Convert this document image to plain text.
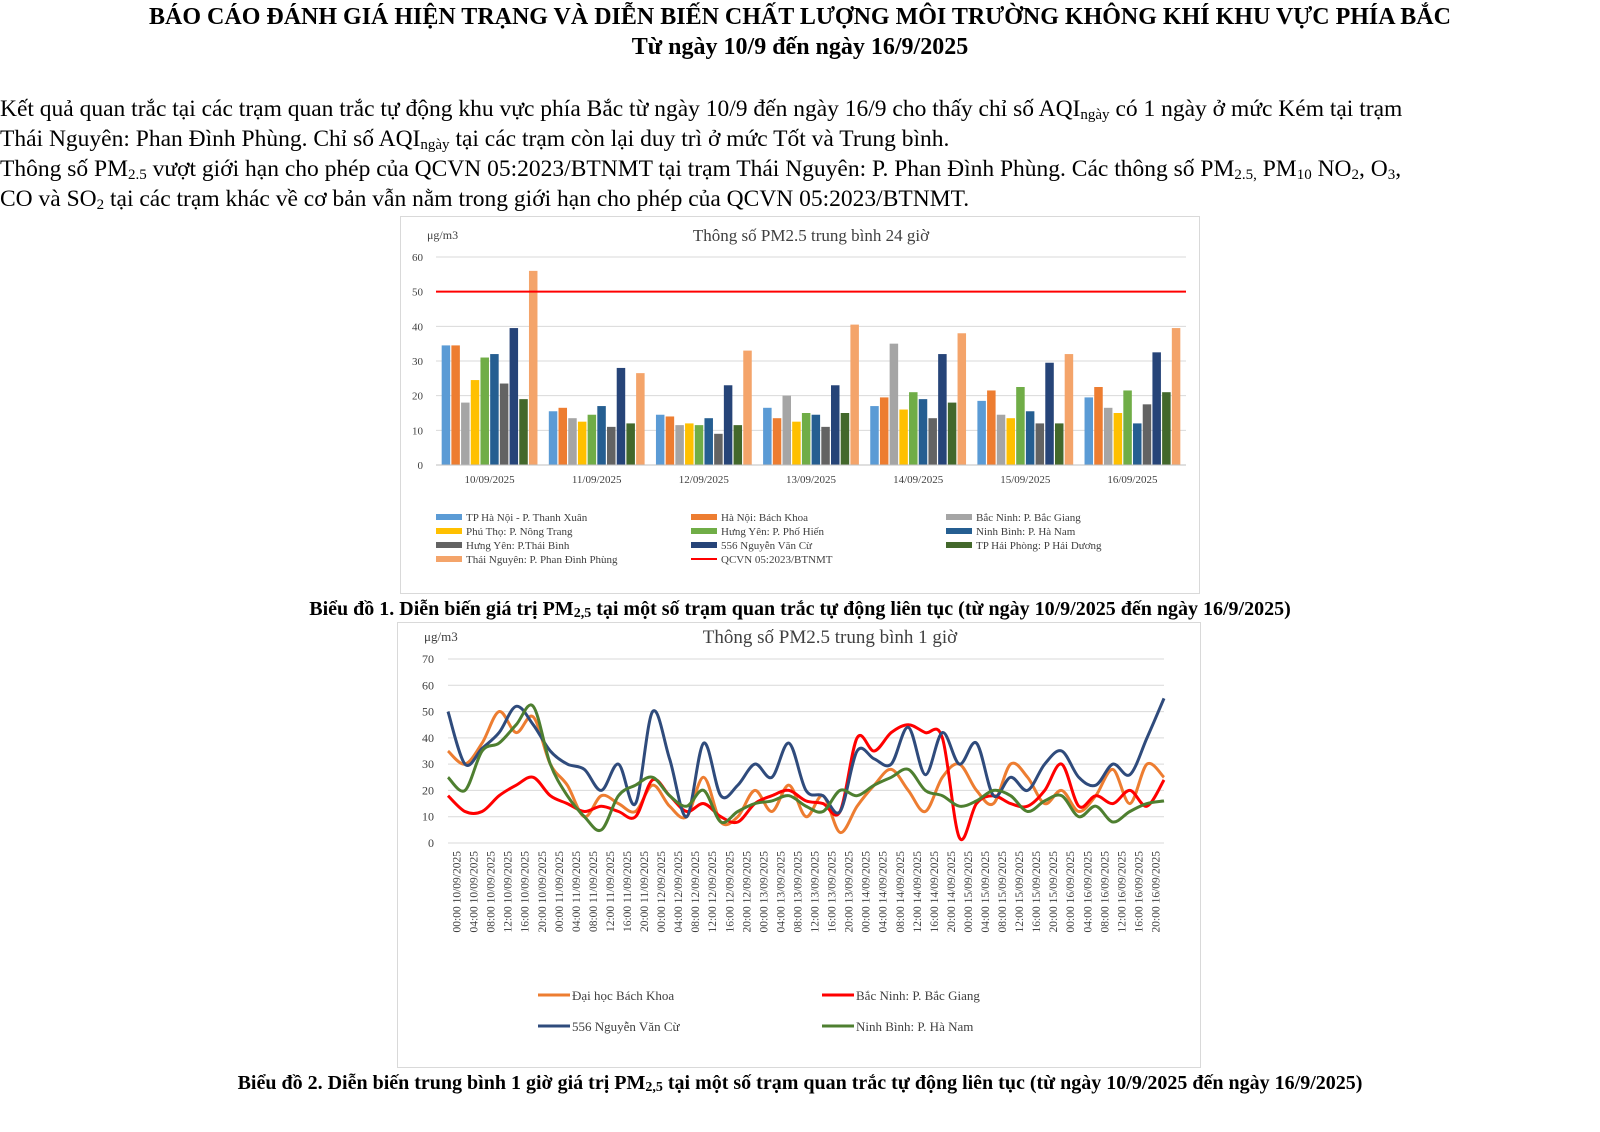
BÁO CÁO ĐÁNH GIÁ HIỆN TRẠNG VÀ DIỄN BIẾN CHẤT LƯỢNG MÔI TRƯỜNG KHÔNG KHÍ KHU VỰC PHÍA BẮC
Từ ngày 10/9 đến ngày 16/9/2025
Kết quả quan trắc tại các trạm quan trắc tự động khu vực phía Bắc từ ngày 10/9 đến ngày 16/9 cho thấy chỉ số $AQI_{ngày}$ có 1 ngày ở mức Kém tại trạm
Thái Nguyên: Phan Đình Phùng. Chỉ số $AQI_{ngày}$ tại các trạm còn lại duy trì ở mức Tốt và Trung bình.
Thông số $PM_{2.5}$ vượt giới hạn cho phép của QCVN 05:2023/BTNMT tại trạm Thái Nguyên: P. Phan Đình Phùng. Các thông số $PM_{2.5,}$ $PM_{10}$ $NO_2$, $O_3$,
CO và $SO_2$ tại các trạm khác về cơ bản vẫn nằm trong giới hạn cho phép của QCVN 05:2023/BTNMT.
Thông số PM2.5 trung bình 24 giờ
μg/m3
0
10
20
30
40
50
60
10/09/2025	11/09/2025	12/09/2025	13/09/2025	14/09/2025	15/09/2025	16/09/2025
TP Hà Nội - P. Thanh Xuân	Hà Nội: Bách Khoa	Bắc Ninh: P. Bắc Giang
Phú Thọ: P. Nông Trang	Hưng Yên: P. Phố Hiến	Ninh Bình: P. Hà Nam
Hưng Yên: P.Thái Bình	556 Nguyễn Văn Cừ	TP Hải Phòng: P Hải Dương
Thái Nguyên: P. Phan Đình Phùng	QCVN 05:2023/BTNMT
Biểu đồ 1. Diễn biến giá trị $PM_{2,5}$ tại một số trạm quan trắc tự động liên tục (từ ngày 10/9/2025 đến ngày 16/9/2025)
Thông số PM2.5 trung bình 1 giờ
μg/m3
0
10
20
30
40
50
60
70
00:00 10/09/2025 04:00 10/09/2025 08:00 10/09/2025 12:00 10/09/2025 16:00 10/09/2025 20:00 10/09/2025 00:00 11/09/2025 04:00 11/09/2025 08:00 11/09/2025 12:00 11/09/2025 16:00 11/09/2025 20:00 11/09/2025 00:00 12/09/2025 04:00 12/09/2025 08:00 12/09/2025 12:00 12/09/2025 16:00 12/09/2025 20:00 12/09/2025 00:00 13/09/2025 04:00 13/09/2025 08:00 13/09/2025 12:00 13/09/2025 16:00 13/09/2025 20:00 13/09/2025 00:00 14/09/2025 04:00 14/09/2025 08:00 14/09/2025 12:00 14/09/2025 16:00 14/09/2025 20:00 14/09/2025 00:00 15/09/2025 04:00 15/09/2025 08:00 15/09/2025 12:00 15/09/2025 16:00 15/09/2025 20:00 15/09/2025 00:00 16/09/2025 04:00 16/09/2025 08:00 16/09/2025 12:00 16/09/2025 16:00 16/09/2025 20:00 16/09/2025
Đại học Bách Khoa	Bắc Ninh: P. Bắc Giang
556 Nguyễn Văn Cừ	Ninh Bình: P. Hà Nam
Biểu đồ 2. Diễn biến trung bình 1 giờ giá trị $PM_{2,5}$ tại một số trạm quan trắc tự động liên tục (từ ngày 10/9/2025 đến ngày 16/9/2025)
